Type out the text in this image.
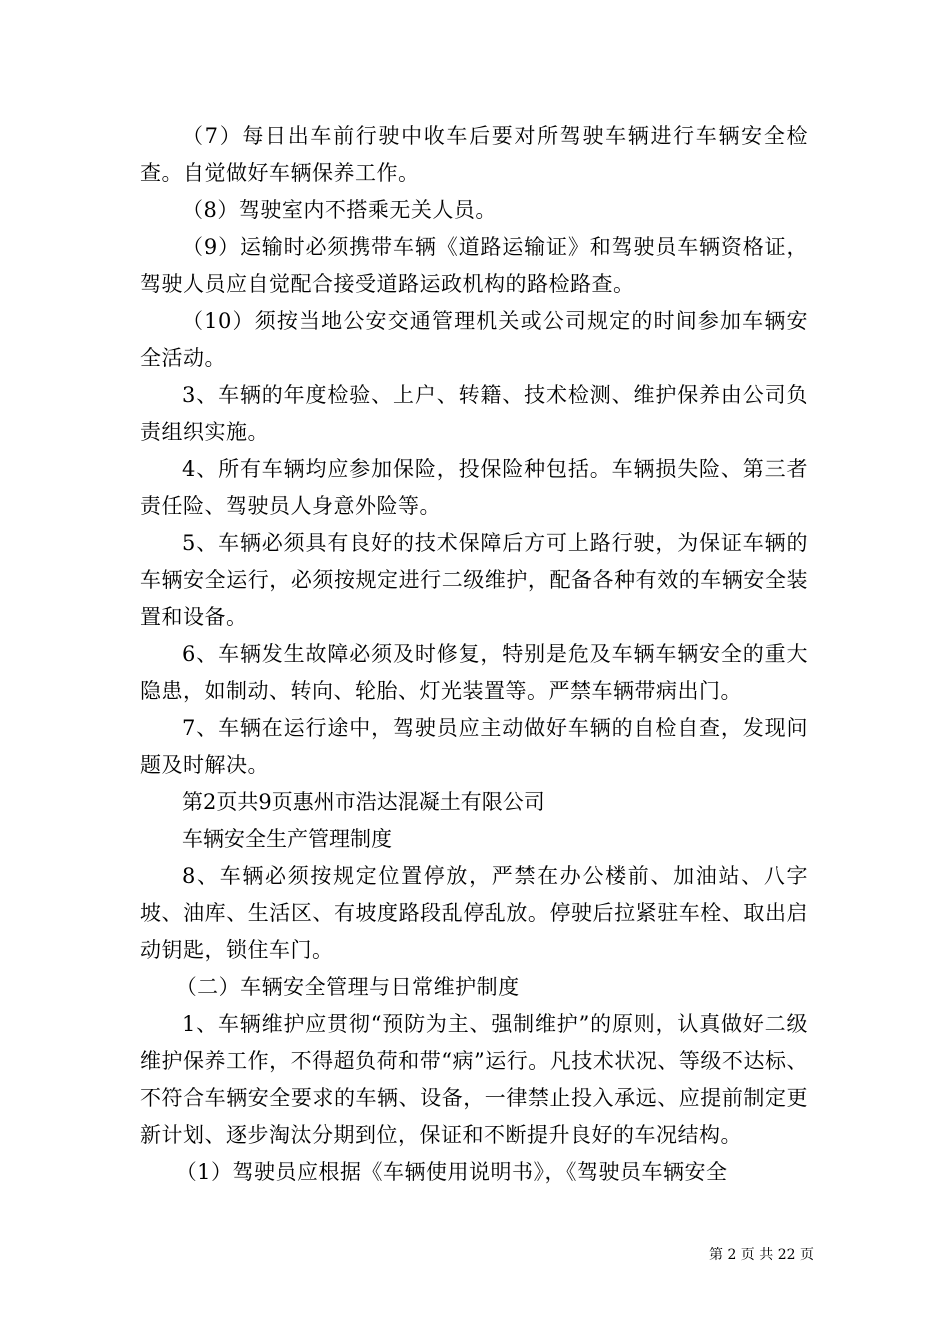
（7）每日出车前行驶中收车后要对所驾驶车辆进行车辆安全检查。自觉做好车辆保养工作。

（8）驾驶室内不搭乘无关人员。

（9）运输时必须携带车辆《道路运输证》和驾驶员车辆资格证，驾驶人员应自觉配合接受道路运政机构的路检路查。

（10）须按当地公安交通管理机关或公司规定的时间参加车辆安全活动。

3、车辆的年度检验、上户、转籍、技术检测、维护保养由公司负责组织实施。

4、所有车辆均应参加保险，投保险种包括。车辆损失险、第三者责任险、驾驶员人身意外险等。

5、车辆必须具有良好的技术保障后方可上路行驶，为保证车辆的车辆安全运行，必须按规定进行二级维护，配备各种有效的车辆安全装置和设备。

6、车辆发生故障必须及时修复，特别是危及车辆车辆安全的重大隐患，如制动、转向、轮胎、灯光装置等。严禁车辆带病出门。

7、车辆在运行途中，驾驶员应主动做好车辆的自检自查，发现问题及时解决。

第2页共9页惠州市浩达混凝土有限公司

车辆安全生产管理制度

8、车辆必须按规定位置停放，严禁在办公楼前、加油站、八字坡、油库、生活区、有坡度路段乱停乱放。停驶后拉紧驻车栓、取出启动钥匙，锁住车门。

（二）车辆安全管理与日常维护制度

1、车辆维护应贯彻“预防为主、强制维护”的原则，认真做好二级维护保养工作，不得超负荷和带“病”运行。凡技术状况、等级不达标、不符合车辆安全要求的车辆、设备，一律禁止投入承远、应提前制定更新计划、逐步淘汰分期到位，保证和不断提升良好的车况结构。

（1）驾驶员应根据《车辆使用说明书》，《驾驶员车辆安全

第 2 页 共 22 页
